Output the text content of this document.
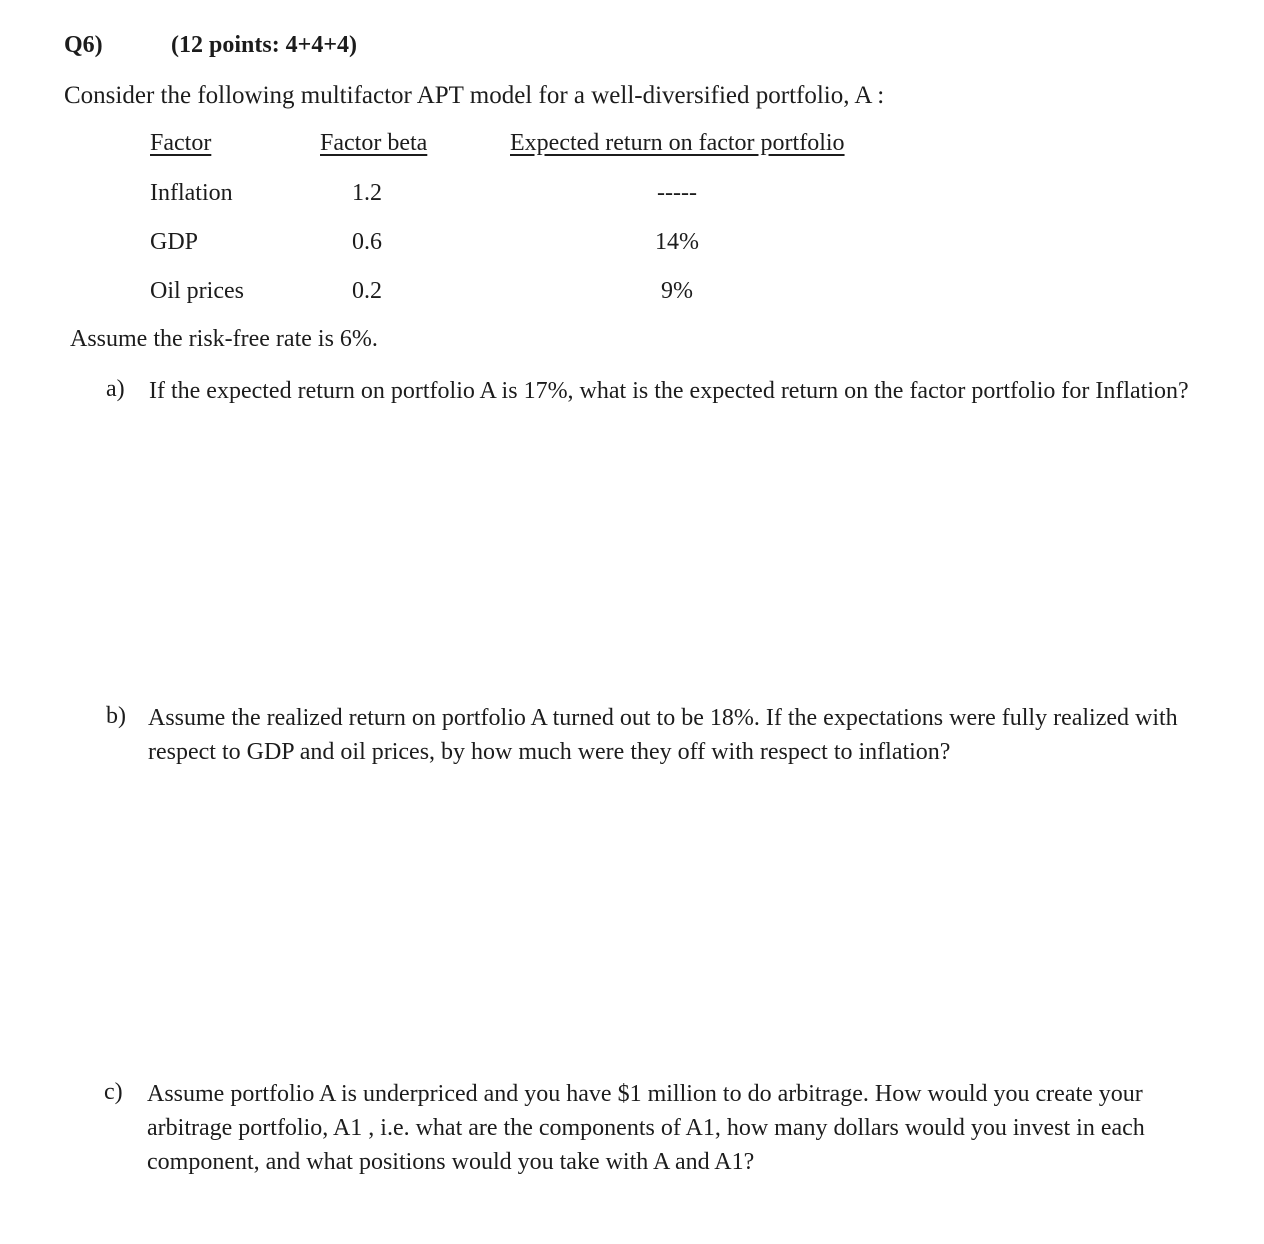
Q6)	(12 points: 4+4+4)
Consider the following multifactor APT model for a well-diversified portfolio, A :
Factor	Factor beta	Expected return on factor portfolio
Inflation	1.2	-----
GDP	0.6	14%
Oil prices	0.2	9%
Assume the risk-free rate is 6%.
a) If the expected return on portfolio A is 17%, what is the expected return on the factor portfolio for Inflation?
b) Assume the realized return on portfolio A turned out to be 18%. If the expectations were fully realized with respect to GDP and oil prices, by how much were they off with respect to inflation?
c) Assume portfolio A is underpriced and you have $1 million to do arbitrage. How would you create your arbitrage portfolio, A1 , i.e. what are the components of A1, how many dollars would you invest in each component, and what positions would you take with A and A1?
